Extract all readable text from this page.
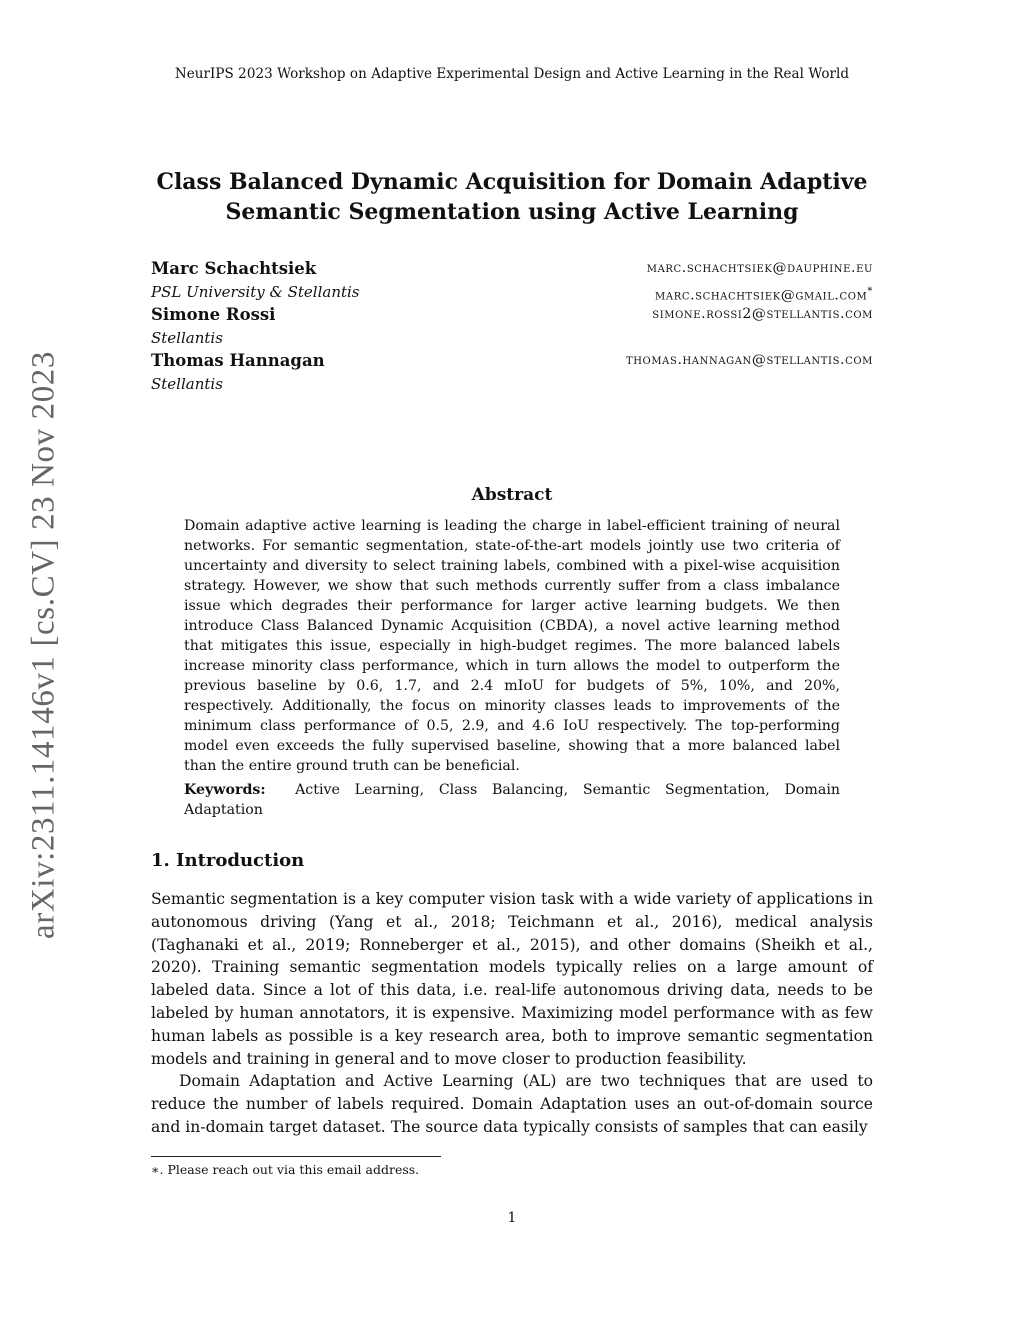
NeurIPS 2023 Workshop on Adaptive Experimental Design and Active Learning in the Real World
arXiv:2311.14146v1 [cs.CV] 23 Nov 2023
Class Balanced Dynamic Acquisition for Domain Adaptive
Semantic Segmentation using Active Learning
Marc Schachtsiek	marc.schachtsiek@dauphine.eu
PSL University & Stellantis	marc.schachtsiek@gmail.com*
Simone Rossi	simone.rossi2@stellantis.com
Stellantis
Thomas Hannagan	thomas.hannagan@stellantis.com
Stellantis
Abstract
Domain adaptive active learning is leading the charge in label-efficient training of neural networks. For semantic segmentation, state-of-the-art models jointly use two criteria of uncertainty and diversity to select training labels, combined with a pixel-wise acquisition strategy. However, we show that such methods currently suffer from a class imbalance issue which degrades their performance for larger active learning budgets. We then introduce Class Balanced Dynamic Acquisition (CBDA), a novel active learning method that mitigates this issue, especially in high-budget regimes. The more balanced labels increase minority class performance, which in turn allows the model to outperform the previous baseline by 0.6, 1.7, and 2.4 mIoU for budgets of 5%, 10%, and 20%, respectively. Additionally, the focus on minority classes leads to improvements of the minimum class performance of 0.5, 2.9, and 4.6 IoU respectively. The top-performing model even exceeds the fully supervised baseline, showing that a more balanced label than the entire ground truth can be beneficial.
Keywords: Active Learning, Class Balancing, Semantic Segmentation, Domain Adaptation
1. Introduction

Semantic segmentation is a key computer vision task with a wide variety of applications in autonomous driving (Yang et al., 2018; Teichmann et al., 2016), medical analysis (Taghanaki et al., 2019; Ronneberger et al., 2015), and other domains (Sheikh et al., 2020). Training semantic segmentation models typically relies on a large amount of labeled data. Since a lot of this data, i.e. real-life autonomous driving data, needs to be labeled by human annotators, it is expensive. Maximizing model performance with as few human labels as possible is a key research area, both to improve semantic segmentation models and training in general and to move closer to production feasibility.

Domain Adaptation and Active Learning (AL) are two techniques that are used to reduce the number of labels required. Domain Adaptation uses an out-of-domain source and in-domain target dataset. The source data typically consists of samples that can easily

∗. Please reach out via this email address.
1
